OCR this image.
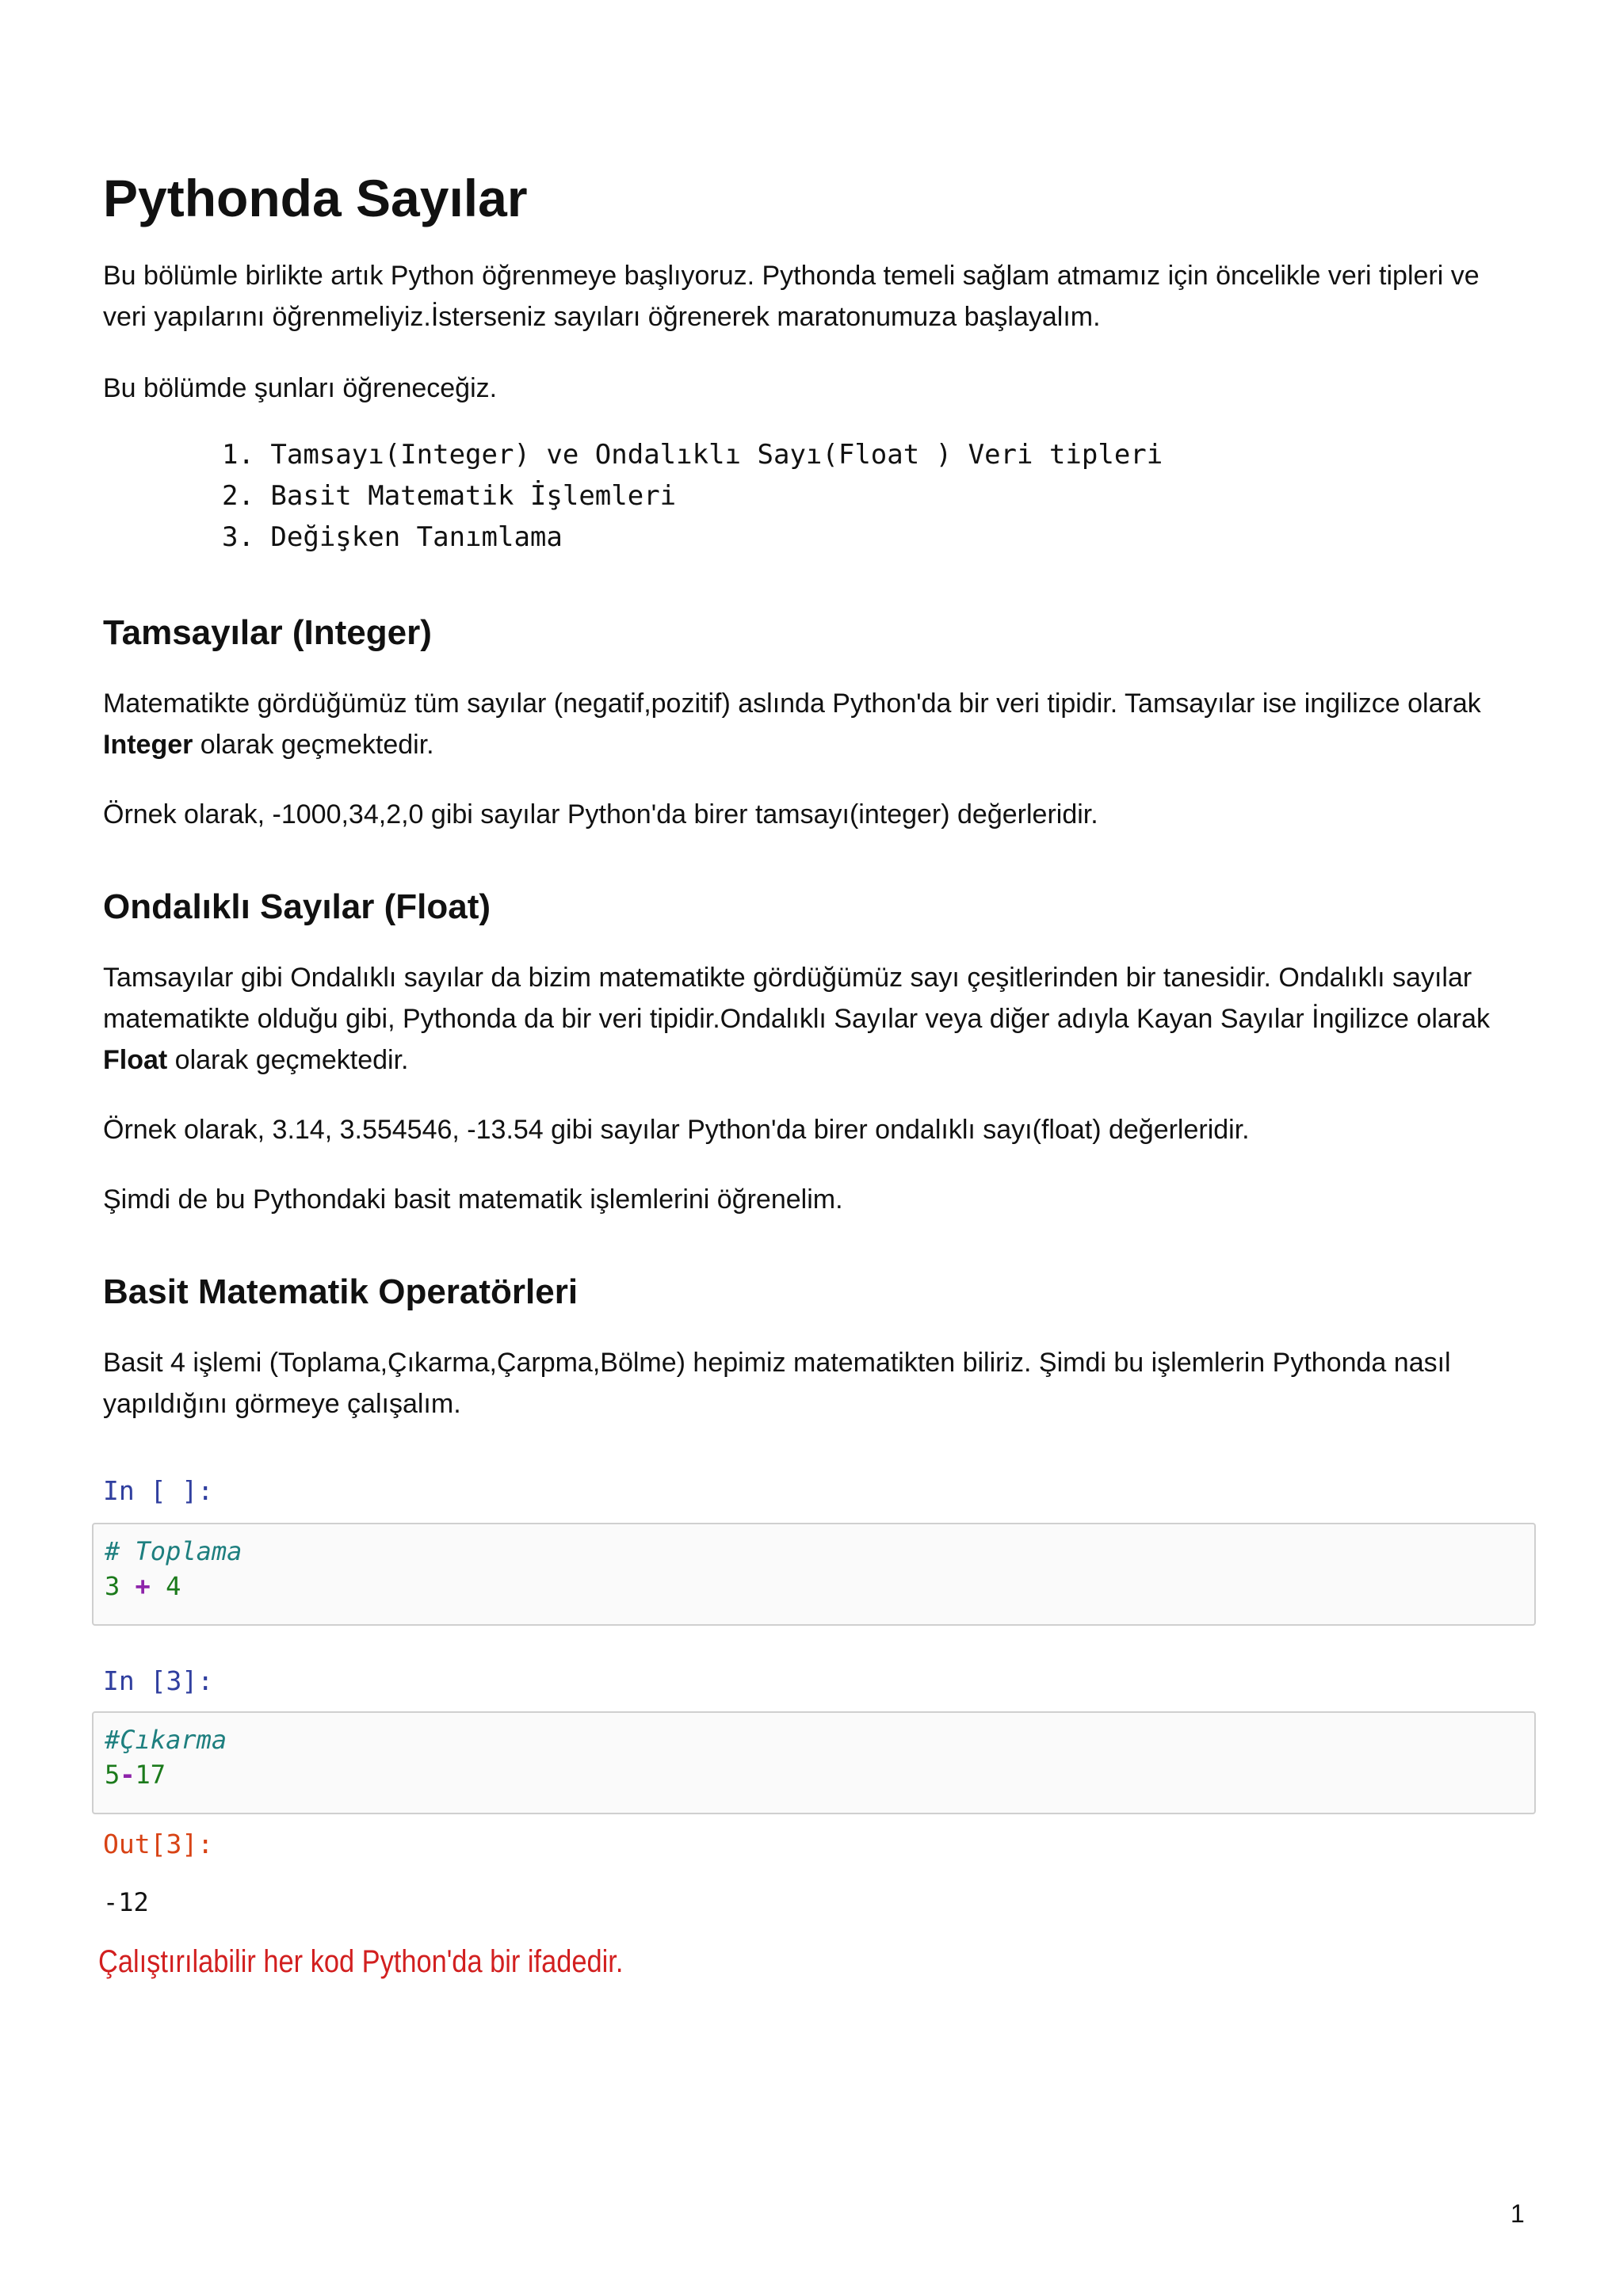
Pythonda Sayılar

Bu bölümle birlikte artık Python öğrenmeye başlıyoruz. Pythonda temeli sağlam atmamız için öncelikle veri tipleri ve veri yapılarını öğrenmeliyiz.İsterseniz sayıları öğrenerek maratonumuza başlayalım.

Bu bölümde şunları öğreneceğiz.

1. Tamsayı(Integer) ve Ondalıklı Sayı(Float ) Veri tipleri
2. Basit Matematik İşlemleri
3. Değişken Tanımlama
Tamsayılar (Integer)

Matematikte gördüğümüz tüm sayılar (negatif,pozitif) aslında Python'da bir veri tipidir. Tamsayılar ise ingilizce olarak Integer olarak geçmektedir.

Örnek olarak, -1000,34,2,0 gibi sayılar Python'da birer tamsayı(integer) değerleridir.

Ondalıklı Sayılar (Float)

Tamsayılar gibi Ondalıklı sayılar da bizim matematikte gördüğümüz sayı çeşitlerinden bir tanesidir. Ondalıklı sayılar matematikte olduğu gibi, Pythonda da bir veri tipidir.Ondalıklı Sayılar veya diğer adıyla Kayan Sayılar İngilizce olarak Float olarak geçmektedir.

Örnek olarak, 3.14, 3.554546, -13.54 gibi sayılar Python'da birer ondalıklı sayı(float) değerleridir.

Şimdi de bu Pythondaki basit matematik işlemlerini öğrenelim.

Basit Matematik Operatörleri

Basit 4 işlemi (Toplama,Çıkarma,Çarpma,Bölme) hepimiz matematikten biliriz. Şimdi bu işlemlerin Pythonda nasıl yapıldığını görmeye çalışalım.

In [ ]:
# Toplama
3 + 4
In [3]:
#Çıkarma
5-17
Out[3]:
-12
Çalıştırılabilir her kod Python'da bir ifadedir.
1
